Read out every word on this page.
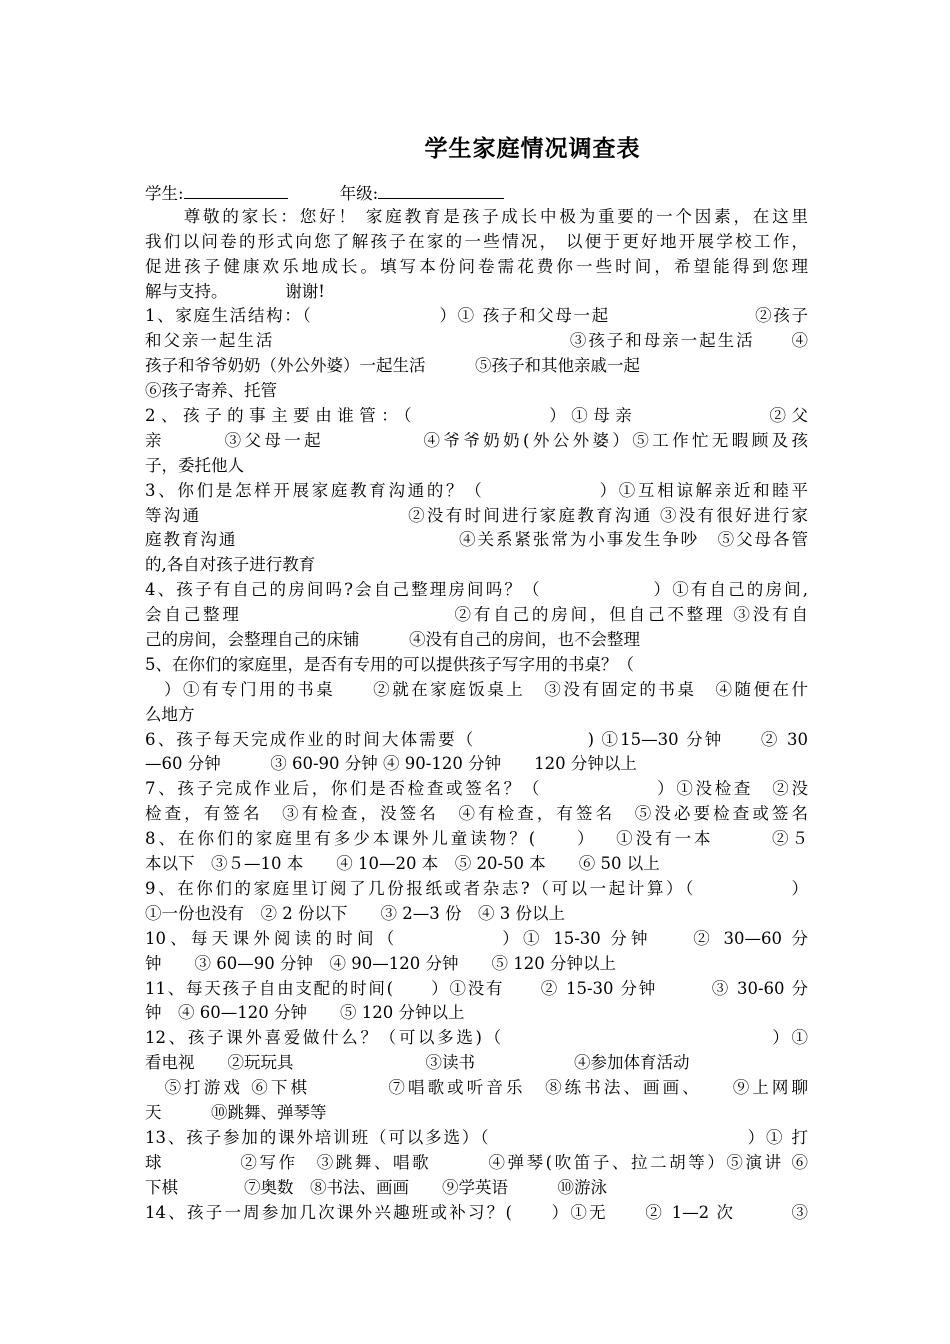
学生家庭情况调查表
学生:	年级:
　　尊敬的家长：您好！ 家庭教育是孩子成长中极为重要的一个因素，在这里
我们以问卷的形式向您了解孩子在家的一些情况， 以便于更好地开展学校工作，
促进孩子健康欢乐地成长。填写本份问卷需花费你一些时间，希望能得到您理
解与支持。　　　　谢谢!
1、家庭生活结构：（　　　　　　　）① 孩子和父母一起　　　　　　　　②孩子
和父亲一起生活　　　　　　　　　　　　　　　　③孩子和母亲一起生活　　④
孩子和爷爷奶奶（外公外婆）一起生活　　　⑤孩子和其他亲戚一起
⑥孩子寄养、托管
2、孩子的事主要由谁管：（　　　　　　）①母亲　　　　　　②父
亲　　　③父母一起　　　　　④爷爷奶奶(外公外婆）⑤工作忙无暇顾及孩
子，委托他人
3、你们是怎样开展家庭教育沟通的？（　　　　　　）①互相谅解亲近和睦平
等沟通　　　　　　　　　　　②没有时间进行家庭教育沟通 ③没有很好进行家
庭教育沟通　　　　　　　　　　　　④关系紧张常为小事发生争吵　⑤父母各管
的,各自对孩子进行教育
4、孩子有自己的房间吗?会自己整理房间吗？（　　　　　　）①有自己的房间,
会自己整理　　　　　　　　　　　②有自己的房间，但自己不整理 ③没有自
己的房间，会整理自己的床铺　　　④没有自己的房间，也不会整理
5、在你们的家庭里，是否有专用的可以提供孩子写字用的书桌？（
　）①有专门用的书桌　　②就在家庭饭桌上　③没有固定的书桌　④随便在什
么地方
6、孩子每天完成作业的时间大体需要（　　　　　　) ①15—30 分钟　　② 30
—60 分钟　　　③ 60-90 分钟 ④ 90-120 分钟　　120 分钟以上
7、孩子完成作业后，你们是否检查或签名？（　　　　　　）①没检查　②没
检查，有签名　③有检查，没签名　④有检查，有签名　⑤没必要检查或签名
8、在你们的家庭里有多少本课外儿童读物？(　　）　 ①没有一本　　　②５
本以下　③５—10 本　　④ 10—20 本　⑤ 20-50 本　　⑥ 50 以上
9、在你们的家庭里订阅了几份报纸或者杂志?（可以一起计算）（　　　　　）
①一份也没有　② 2 份以下　　③ 2—3 份　④ 3 份以上
10、每天课外阅读的时间（　　　　　）① 15-30 分钟　　② 30—60 分
钟　　③ 60—90 分钟　④ 90—120 分钟　　⑤ 120 分钟以上
11、每天孩子自由支配的时间(　　）①没有　　② 15-30 分钟　　　③ 30-60 分
钟　④ 60—120 分钟　　⑤ 120 分钟以上
12、孩子课外喜爱做什么？（可以多选)（　　　　　　　　　　　　　　）①
看电视　　②玩玩具　　　　　　　　③读书　　　　　　④参加体育活动
　⑤打游戏 ⑥下棋　　　　⑦唱歌或听音乐　⑧练书法、画画、　　⑨上网聊
天　　　⑩跳舞、弹琴等
13、孩子参加的课外培训班（可以多选）（　　　　　　　　　　　　　　）① 打
球　　　　②写作　③跳舞、唱歌　　　④弹琴(吹笛子、拉二胡等）⑤演讲 ⑥
下棋　　　　⑦奥数　⑧书法、画画　　⑨学英语　　　⑩游泳
14、孩子一周参加几次课外兴趣班或补习？(　　）①无　　② 1—2 次　　　③
